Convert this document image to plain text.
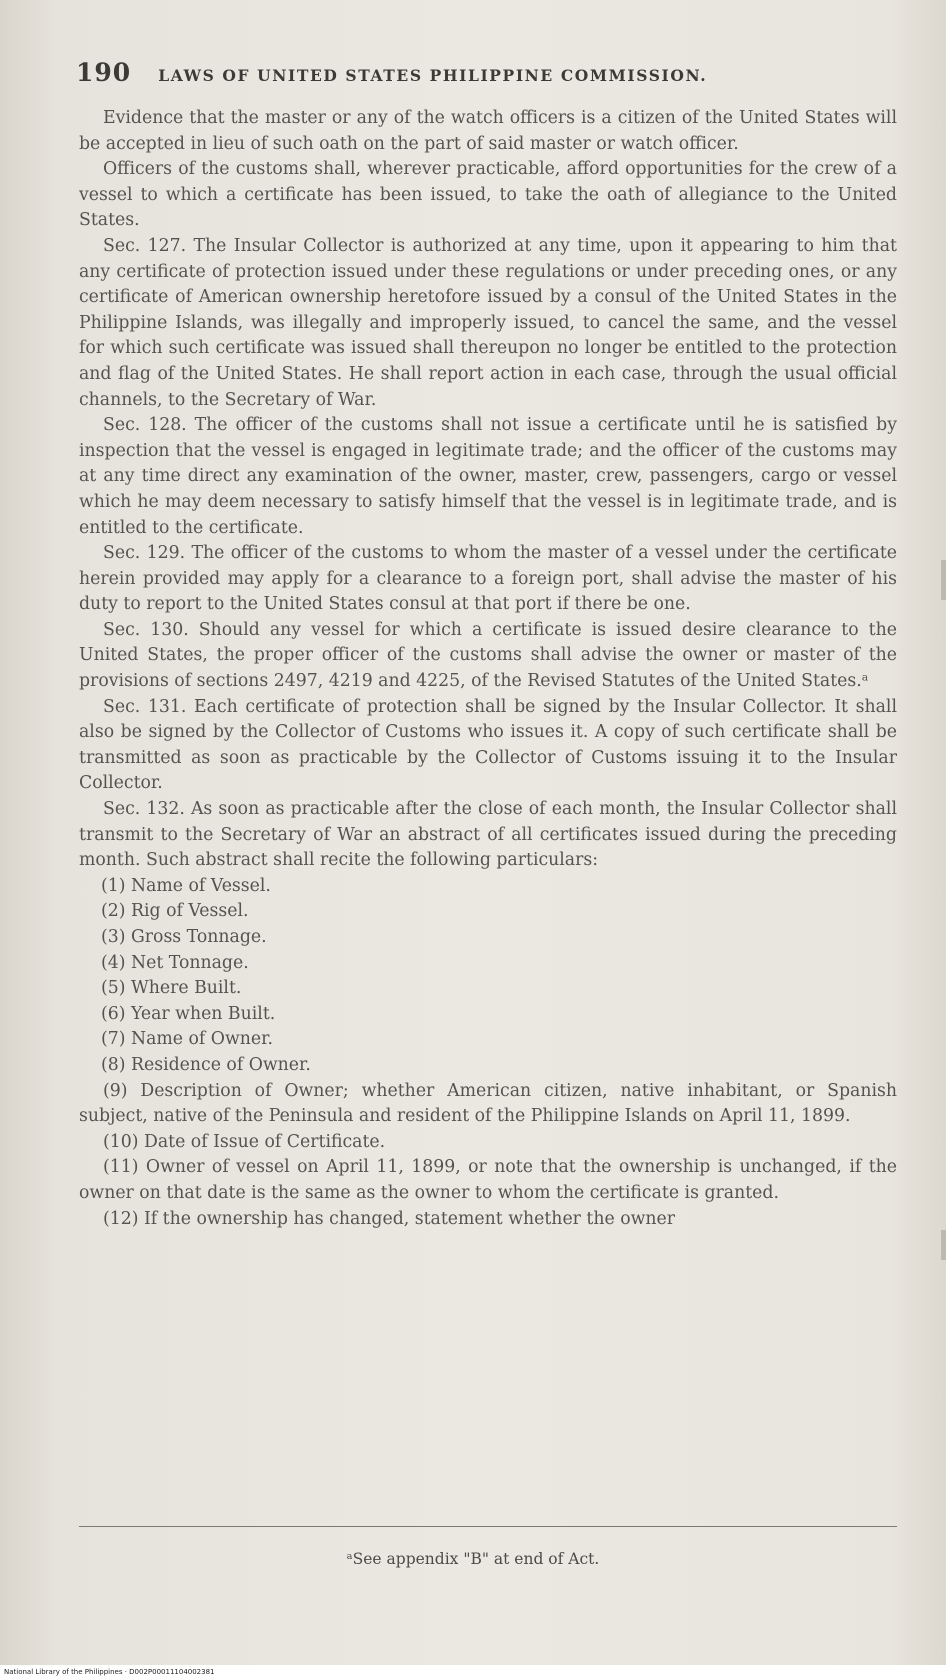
190 LAWS OF UNITED STATES PHILIPPINE COMMISSION.

Evidence that the master or any of the watch officers is a citizen of the United States will be accepted in lieu of such oath on the part of said master or watch officer.

Officers of the customs shall, wherever practicable, afford opportunities for the crew of a vessel to which a certificate has been issued, to take the oath of allegiance to the United States.

Sec. 127. The Insular Collector is authorized at any time, upon it appearing to him that any certificate of protection issued under these regulations or under preceding ones, or any certificate of American ownership heretofore issued by a consul of the United States in the Philippine Islands, was illegally and improperly issued, to cancel the same, and the vessel for which such certificate was issued shall thereupon no longer be entitled to the protection and flag of the United States. He shall report action in each case, through the usual official channels, to the Secretary of War.

Sec. 128. The officer of the customs shall not issue a certificate until he is satisfied by inspection that the vessel is engaged in legitimate trade; and the officer of the customs may at any time direct any examination of the owner, master, crew, passengers, cargo or vessel which he may deem necessary to satisfy himself that the vessel is in legitimate trade, and is entitled to the certificate.

Sec. 129. The officer of the customs to whom the master of a vessel under the certificate herein provided may apply for a clearance to a foreign port, shall advise the master of his duty to report to the United States consul at that port if there be one.

Sec. 130. Should any vessel for which a certificate is issued desire clearance to the United States, the proper officer of the customs shall advise the owner or master of the provisions of sections 2497, 4219 and 4225, of the Revised Statutes of the United States.ᵃ

Sec. 131. Each certificate of protection shall be signed by the Insular Collector. It shall also be signed by the Collector of Customs who issues it. A copy of such certificate shall be transmitted as soon as practicable by the Collector of Customs issuing it to the Insular Collector.

Sec. 132. As soon as practicable after the close of each month, the Insular Collector shall transmit to the Secretary of War an abstract of all certificates issued during the preceding month. Such abstract shall recite the following particulars:

(1) Name of Vessel.

(2) Rig of Vessel.

(3) Gross Tonnage.

(4) Net Tonnage.

(5) Where Built.

(6) Year when Built.

(7) Name of Owner.

(8) Residence of Owner.

(9) Description of Owner; whether American citizen, native inhabitant, or Spanish subject, native of the Peninsula and resident of the Philippine Islands on April 11, 1899.

(10) Date of Issue of Certificate.

(11) Owner of vessel on April 11, 1899, or note that the ownership is unchanged, if the owner on that date is the same as the owner to whom the certificate is granted.

(12) If the ownership has changed, statement whether the owner

ᵃSee appendix "B" at end of Act.
National Library of the Philippines · D002P00011104002381
